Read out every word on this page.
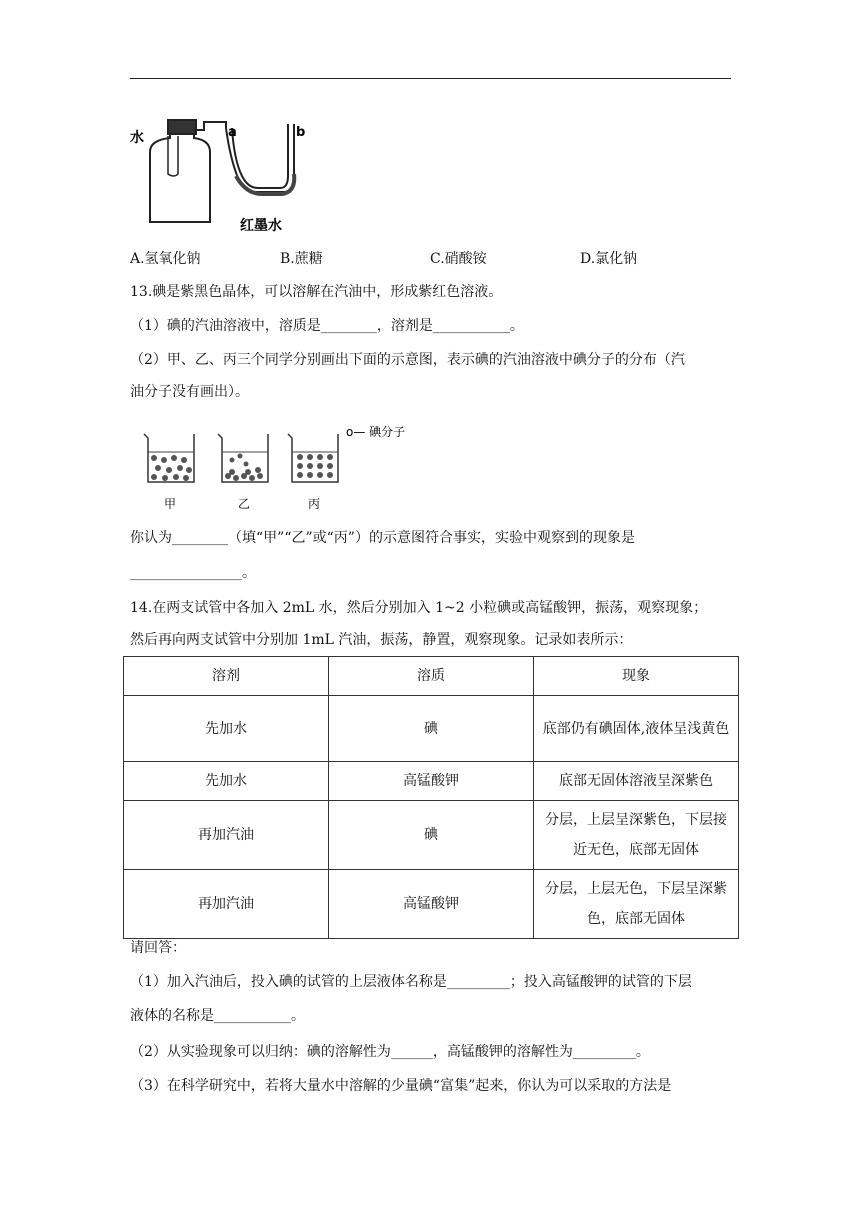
水	a	b
红墨水
A.氢氧化钠	B.蔗糖	C.硝酸铵	D.氯化钠
13.碘是紫黑色晶体，可以溶解在汽油中，形成紫红色溶液。
（1）碘的汽油溶液中，溶质是________，溶剂是___________。
（2）甲、乙、丙三个同学分别画出下面的示意图，表示碘的汽油溶液中碘分子的分布（汽
油分子没有画出）。
o— 碘分子
甲	乙	丙
你认为________（填“甲”“乙”或“丙”）的示意图符合事实，实验中观察到的现象是
________________。
14.在两支试管中各加入 2mL 水，然后分别加入 1~2 小粒碘或高锰酸钾，振荡，观察现象；
然后再向两支试管中分别加 1mL 汽油，振荡，静置，观察现象。记录如表所示：
溶剂	溶质	现象
先加水	碘	底部仍有碘固体,液体呈浅黄色
先加水	高锰酸钾	底部无固体溶液呈深紫色
再加汽油	碘	分层，上层呈深紫色，下层接近无色，底部无固体
再加汽油	高锰酸钾	分层，上层无色，下层呈深紫色，底部无固体
请回答：
（1）加入汽油后，投入碘的试管的上层液体名称是_________；投入高锰酸钾的试管的下层
液体的名称是___________。
（2）从实验现象可以归纳：碘的溶解性为______，高锰酸钾的溶解性为_________。
（3）在科学研究中，若将大量水中溶解的少量碘“富集”起来，你认为可以采取的方法是
